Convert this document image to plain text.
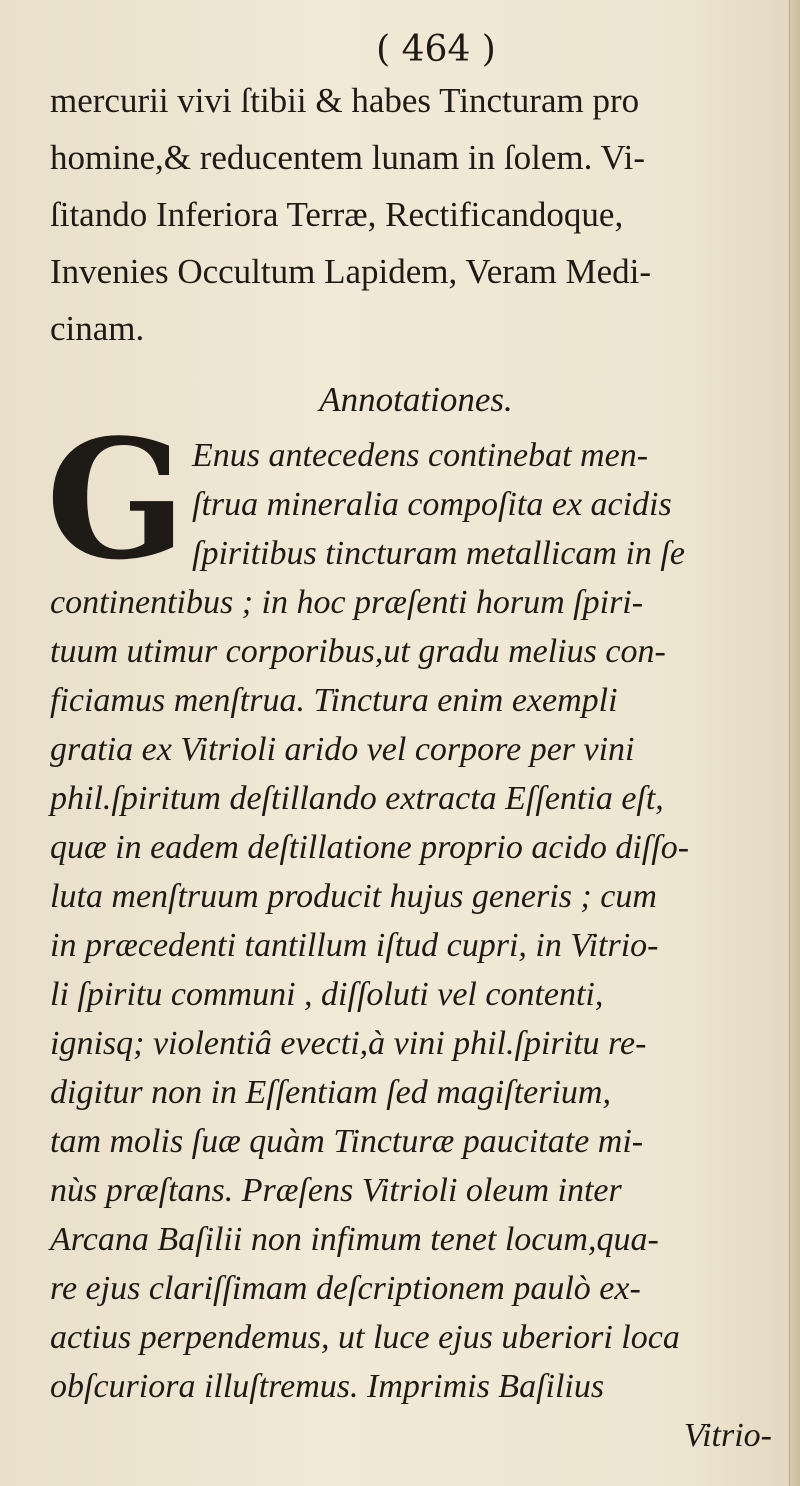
( 464 )
mercurii vivi ſtibii & habes Tincturam pro
homine,& reducentem lunam in ſolem. Vi-
ſitando Inferiora Terræ, Rectificandoque,
Invenies Occultum Lapidem, Veram Medi-
cinam.
Annotationes.
G Enus antecedens continebat men-
ſtrua mineralia compoſita ex acidis
ſpiritibus tincturam metallicam in ſe
continentibus ; in hoc præſenti horum ſpiri-
tuum utimur corporibus,ut gradu melius con-
ficiamus menſtrua. Tinctura enim exempli
gratia ex Vitrioli arido vel corpore per vini
phil.ſpiritum deſtillando extracta Eſſentia eſt,
quæ in eadem deſtillatione proprio acido diſſo-
luta menſtruum producit hujus generis ; cum
in præcedenti tantillum iſtud cupri, in Vitrio-
li ſpiritu communi , diſſoluti vel contenti,
ignisq; violentiâ evecti,à vini phil.ſpiritu re-
digitur non in Eſſentiam ſed magiſterium,
tam molis ſuæ quàm Tincturæ paucitate mi-
nùs præſtans. Præſens Vitrioli oleum inter
Arcana Baſilii non infimum tenet locum,qua-
re ejus clariſſimam deſcriptionem paulò ex-
actius perpendemus, ut luce ejus uberiori loca
obſcuriora illuſtremus. Imprimis Baſilius
Vitrio-
